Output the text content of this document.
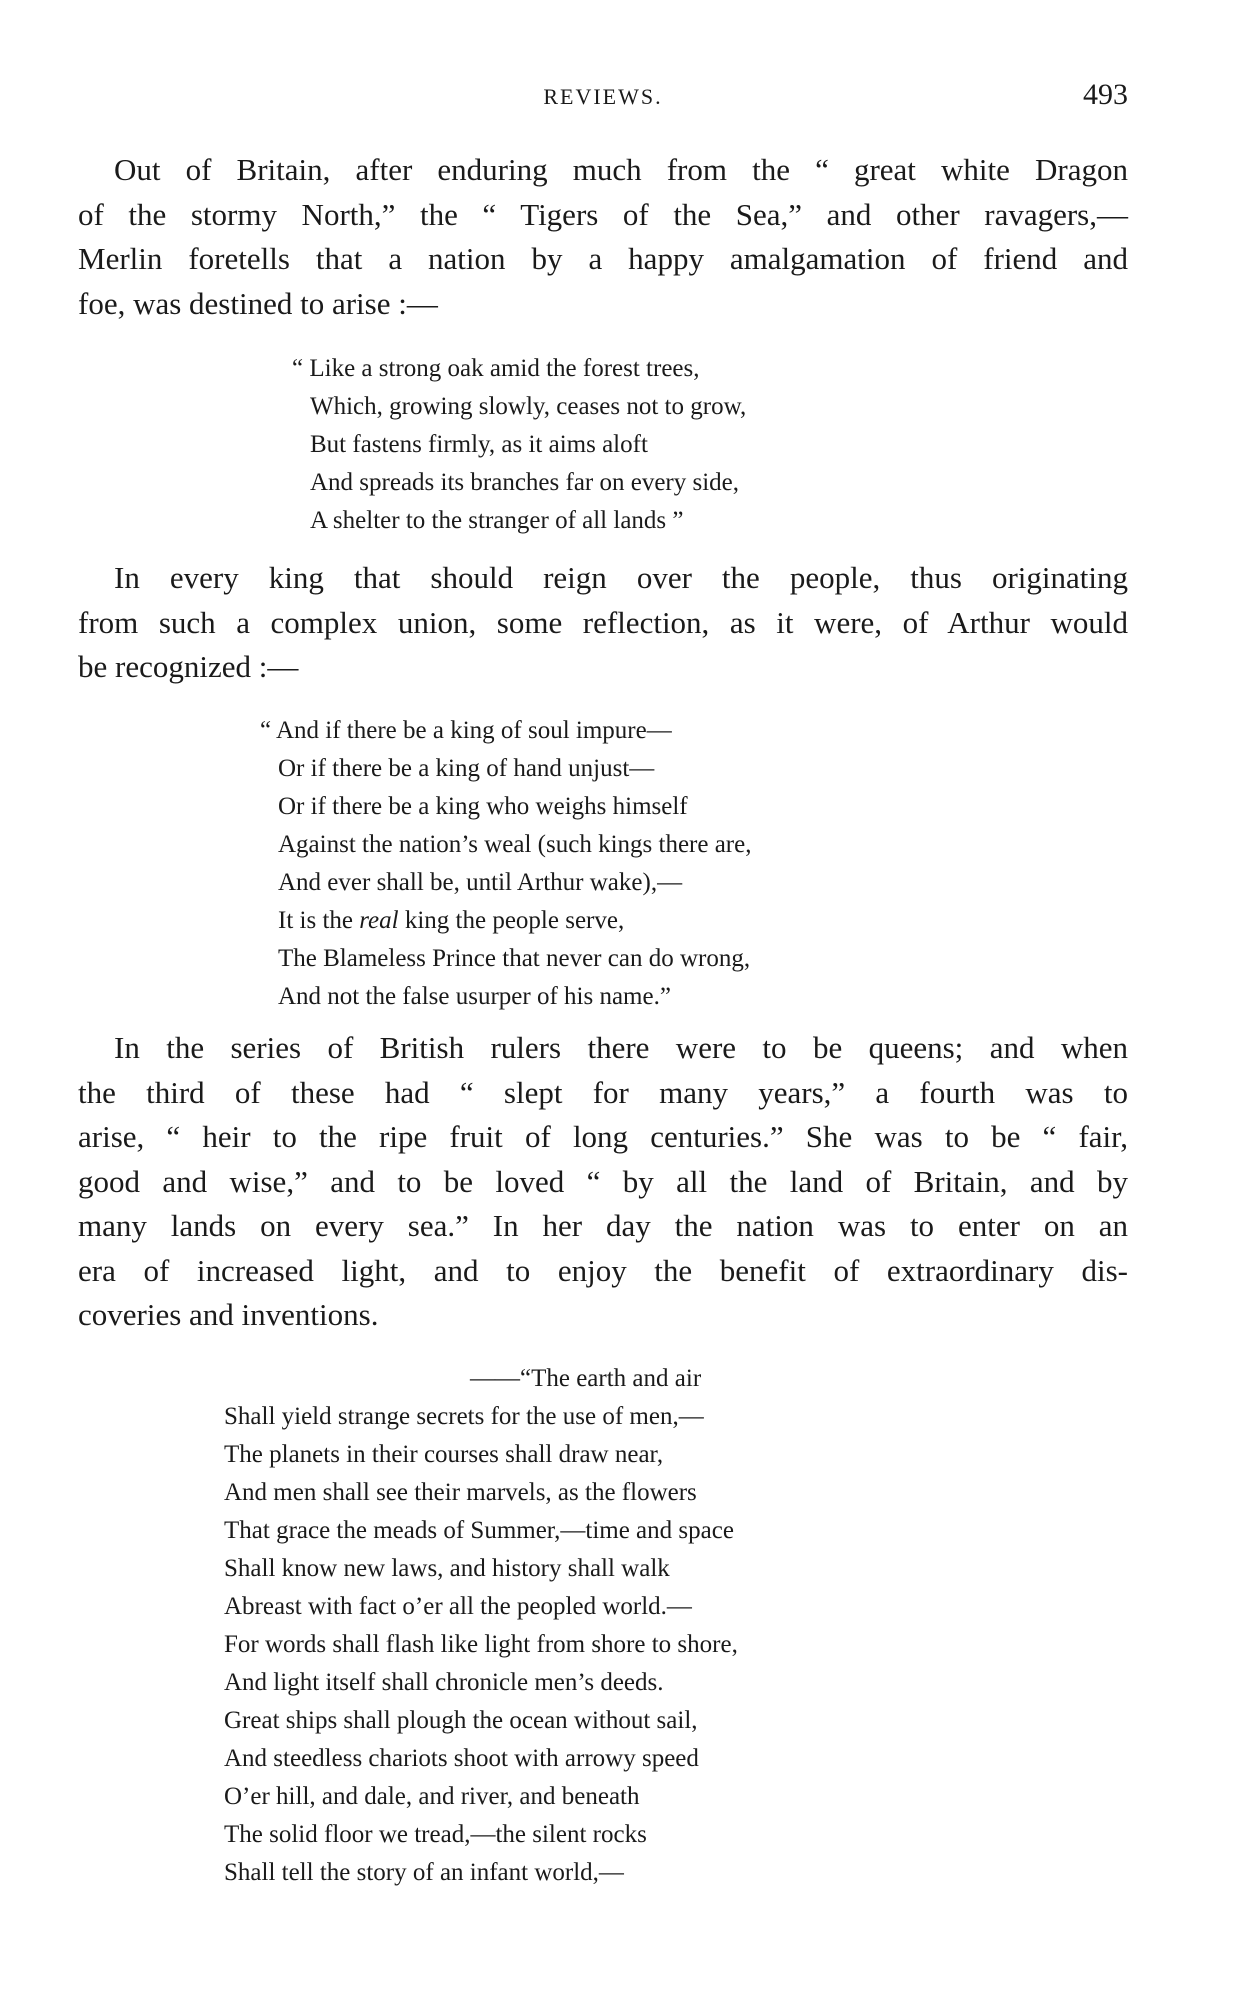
REVIEWS.	493
Out of Britain, after enduring much from the “ great white Dragon
of the stormy North,” the “ Tigers of the Sea,” and other ravagers,—
Merlin foretells that a nation by a happy amalgamation of friend and
foe, was destined to arise :—
“ Like a strong oak amid the forest trees,
Which, growing slowly, ceases not to grow,
But fastens firmly, as it aims aloft
And spreads its branches far on every side,
A shelter to the stranger of all lands ”
In every king that should reign over the people, thus originating
from such a complex union, some reflection, as it were, of Arthur would
be recognized :—
“ And if there be a king of soul impure—
Or if there be a king of hand unjust—
Or if there be a king who weighs himself
Against the nation’s weal (such kings there are,
And ever shall be, until Arthur wake),—
It is the real king the people serve,
The Blameless Prince that never can do wrong,
And not the false usurper of his name.”
In the series of British rulers there were to be queens; and when
the third of these had “ slept for many years,” a fourth was to
arise, “ heir to the ripe fruit of long centuries.” She was to be “ fair,
good and wise,” and to be loved “ by all the land of Britain, and by
many lands on every sea.” In her day the nation was to enter on an
era of increased light, and to enjoy the benefit of extraordinary dis-
coveries and inventions.
——“The earth and air
Shall yield strange secrets for the use of men,—
The planets in their courses shall draw near,
And men shall see their marvels, as the flowers
That grace the meads of Summer,—time and space
Shall know new laws, and history shall walk
Abreast with fact o’er all the peopled world.—
For words shall flash like light from shore to shore,
And light itself shall chronicle men’s deeds.
Great ships shall plough the ocean without sail,
And steedless chariots shoot with arrowy speed
O’er hill, and dale, and river, and beneath
The solid floor we tread,—the silent rocks
Shall tell the story of an infant world,—
